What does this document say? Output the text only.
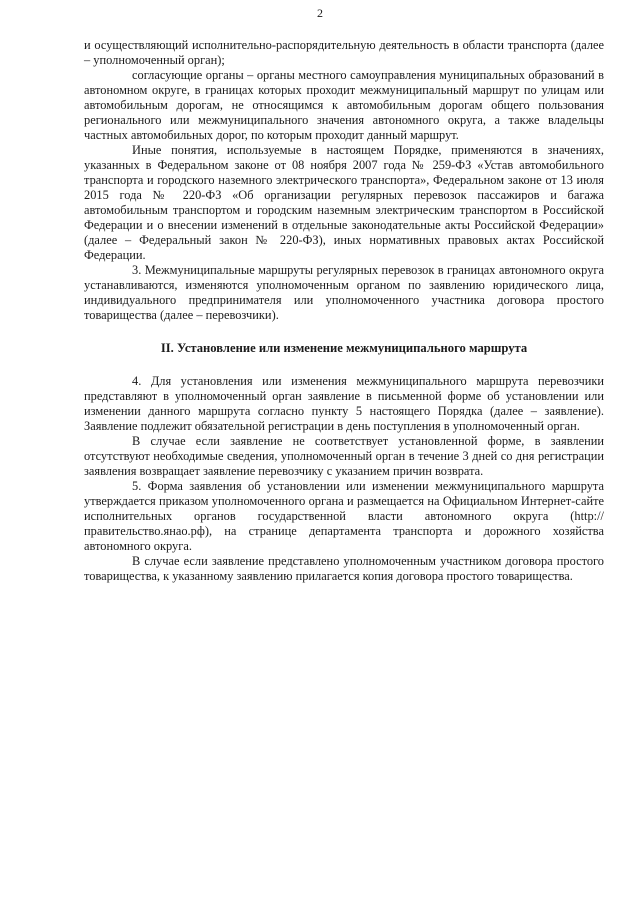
2

и осуществляющий исполнительно-распорядительную деятельность в области транспорта (далее – уполномоченный орган);

согласующие органы – органы местного самоуправления муниципальных образований в автономном округе, в границах которых проходит межмуниципальный маршрут по улицам или автомобильным дорогам, не относящимся к автомобильным дорогам общего пользования регионального или межмуниципального значения автономного округа, а также владельцы частных автомобильных дорог, по которым проходит данный маршрут.

Иные понятия, используемые в настоящем Порядке, применяются в значениях, указанных в Федеральном законе от 08 ноября 2007 года № 259-ФЗ «Устав автомобильного транспорта и городского наземного электрического транспорта», Федеральном законе от 13 июля 2015 года № 220-ФЗ «Об организации регулярных перевозок пассажиров и багажа автомобильным транспортом и городским наземным электрическим транспортом в Российской Федерации и о внесении изменений в отдельные законодательные акты Российской Федерации» (далее – Федеральный закон № 220-ФЗ), иных нормативных правовых актах Российской Федерации.

3. Межмуниципальные маршруты регулярных перевозок в границах автономного округа устанавливаются, изменяются уполномоченным органом по заявлению юридического лица, индивидуального предпринимателя или уполномоченного участника договора простого товарищества (далее – перевозчики).

II. Установление или изменение межмуниципального маршрута

4. Для установления или изменения межмуниципального маршрута перевозчики представляют в уполномоченный орган заявление в письменной форме об установлении или изменении данного маршрута согласно пункту 5 настоящего Порядка (далее – заявление). Заявление подлежит обязательной регистрации в день поступления в уполномоченный орган.

В случае если заявление не соответствует установленной форме, в заявлении отсутствуют необходимые сведения, уполномоченный орган в течение 3 дней со дня регистрации заявления возвращает заявление перевозчику с указанием причин возврата.

5. Форма заявления об установлении или изменении межмуниципального маршрута утверждается приказом уполномоченного органа и размещается на Официальном Интернет-сайте исполнительных органов государственной власти автономного округа (http://правительство.янао.рф), на странице департамента транспорта и дорожного хозяйства автономного округа.

В случае если заявление представлено уполномоченным участником договора простого товарищества, к указанному заявлению прилагается копия договора простого товарищества.
